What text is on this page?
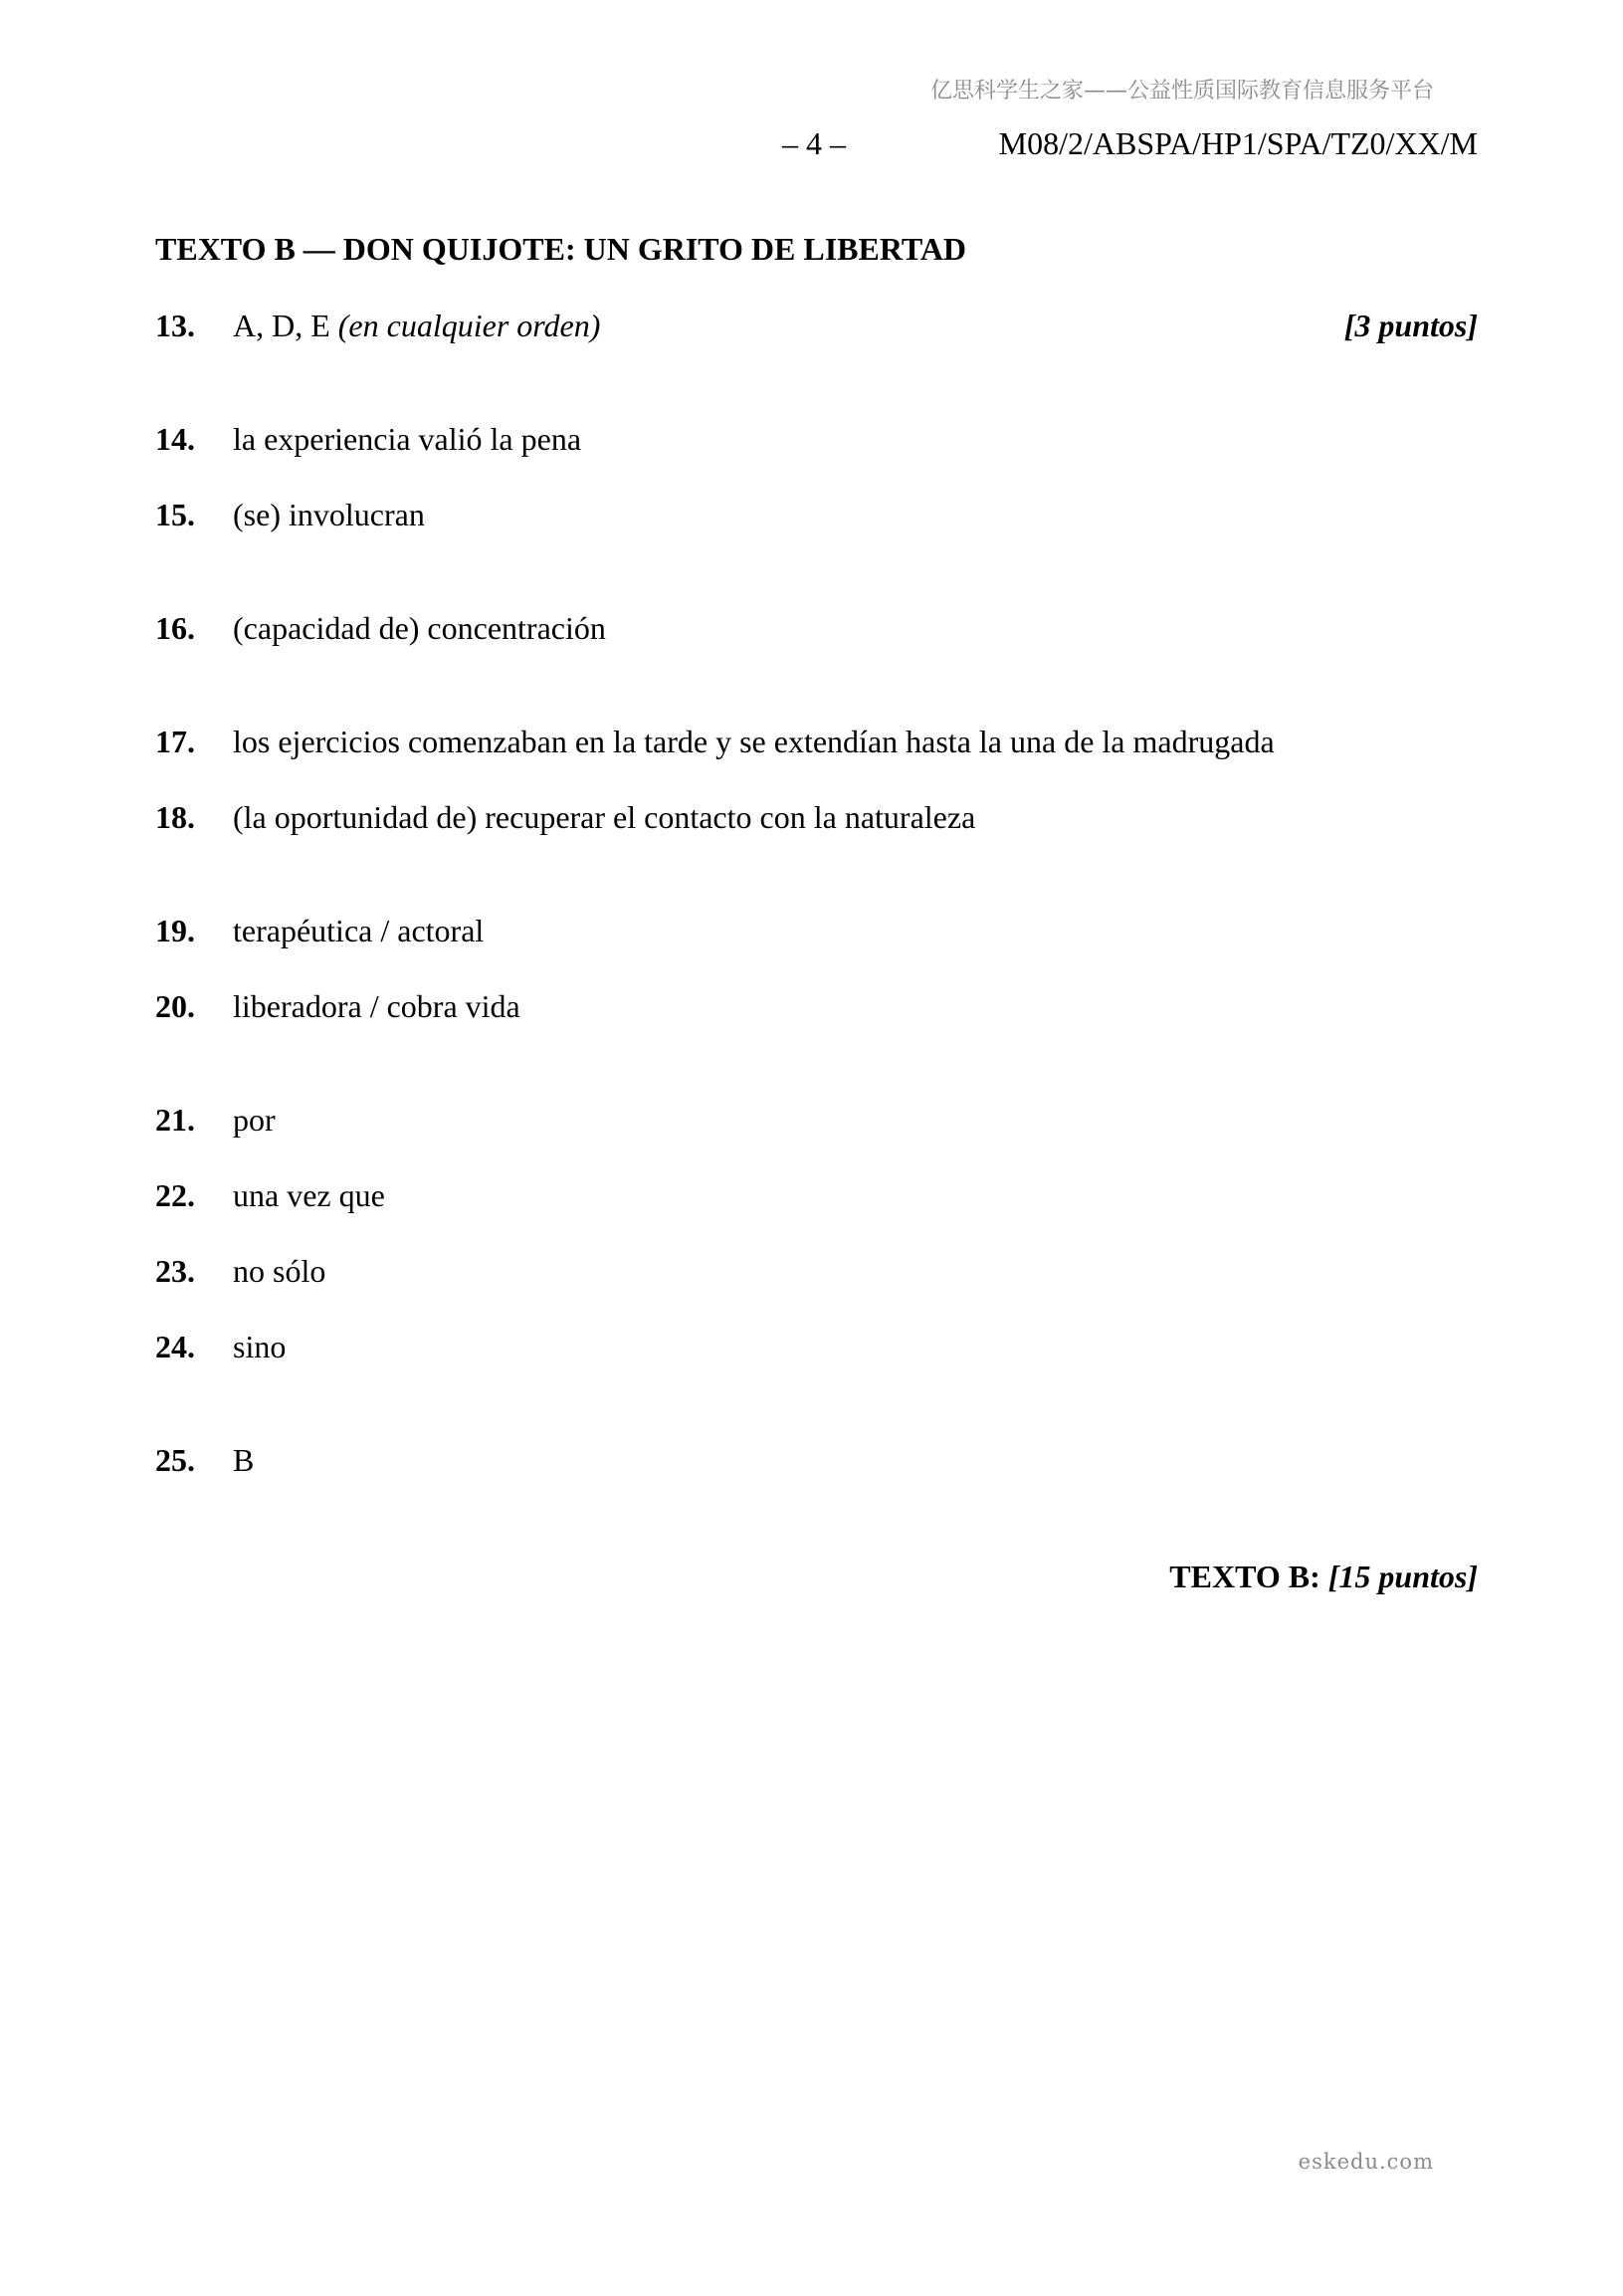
亿思科学生之家——公益性质国际教育信息服务平台
– 4 –	M08/2/ABSPA/HP1/SPA/TZ0/XX/M
TEXTO B — DON QUIJOTE: UN GRITO DE LIBERTAD
13. A, D, E (en cualquier orden)	[3 puntos]
14. la experiencia valió la pena
15. (se) involucran
16. (capacidad de) concentración
17. los ejercicios comenzaban en la tarde y se extendían hasta la una de la madrugada
18. (la oportunidad de) recuperar el contacto con la naturaleza
19. terapéutica / actoral
20. liberadora / cobra vida
21. por
22. una vez que
23. no sólo
24. sino
25. B
TEXTO B: [15 puntos]
eskedu.com
